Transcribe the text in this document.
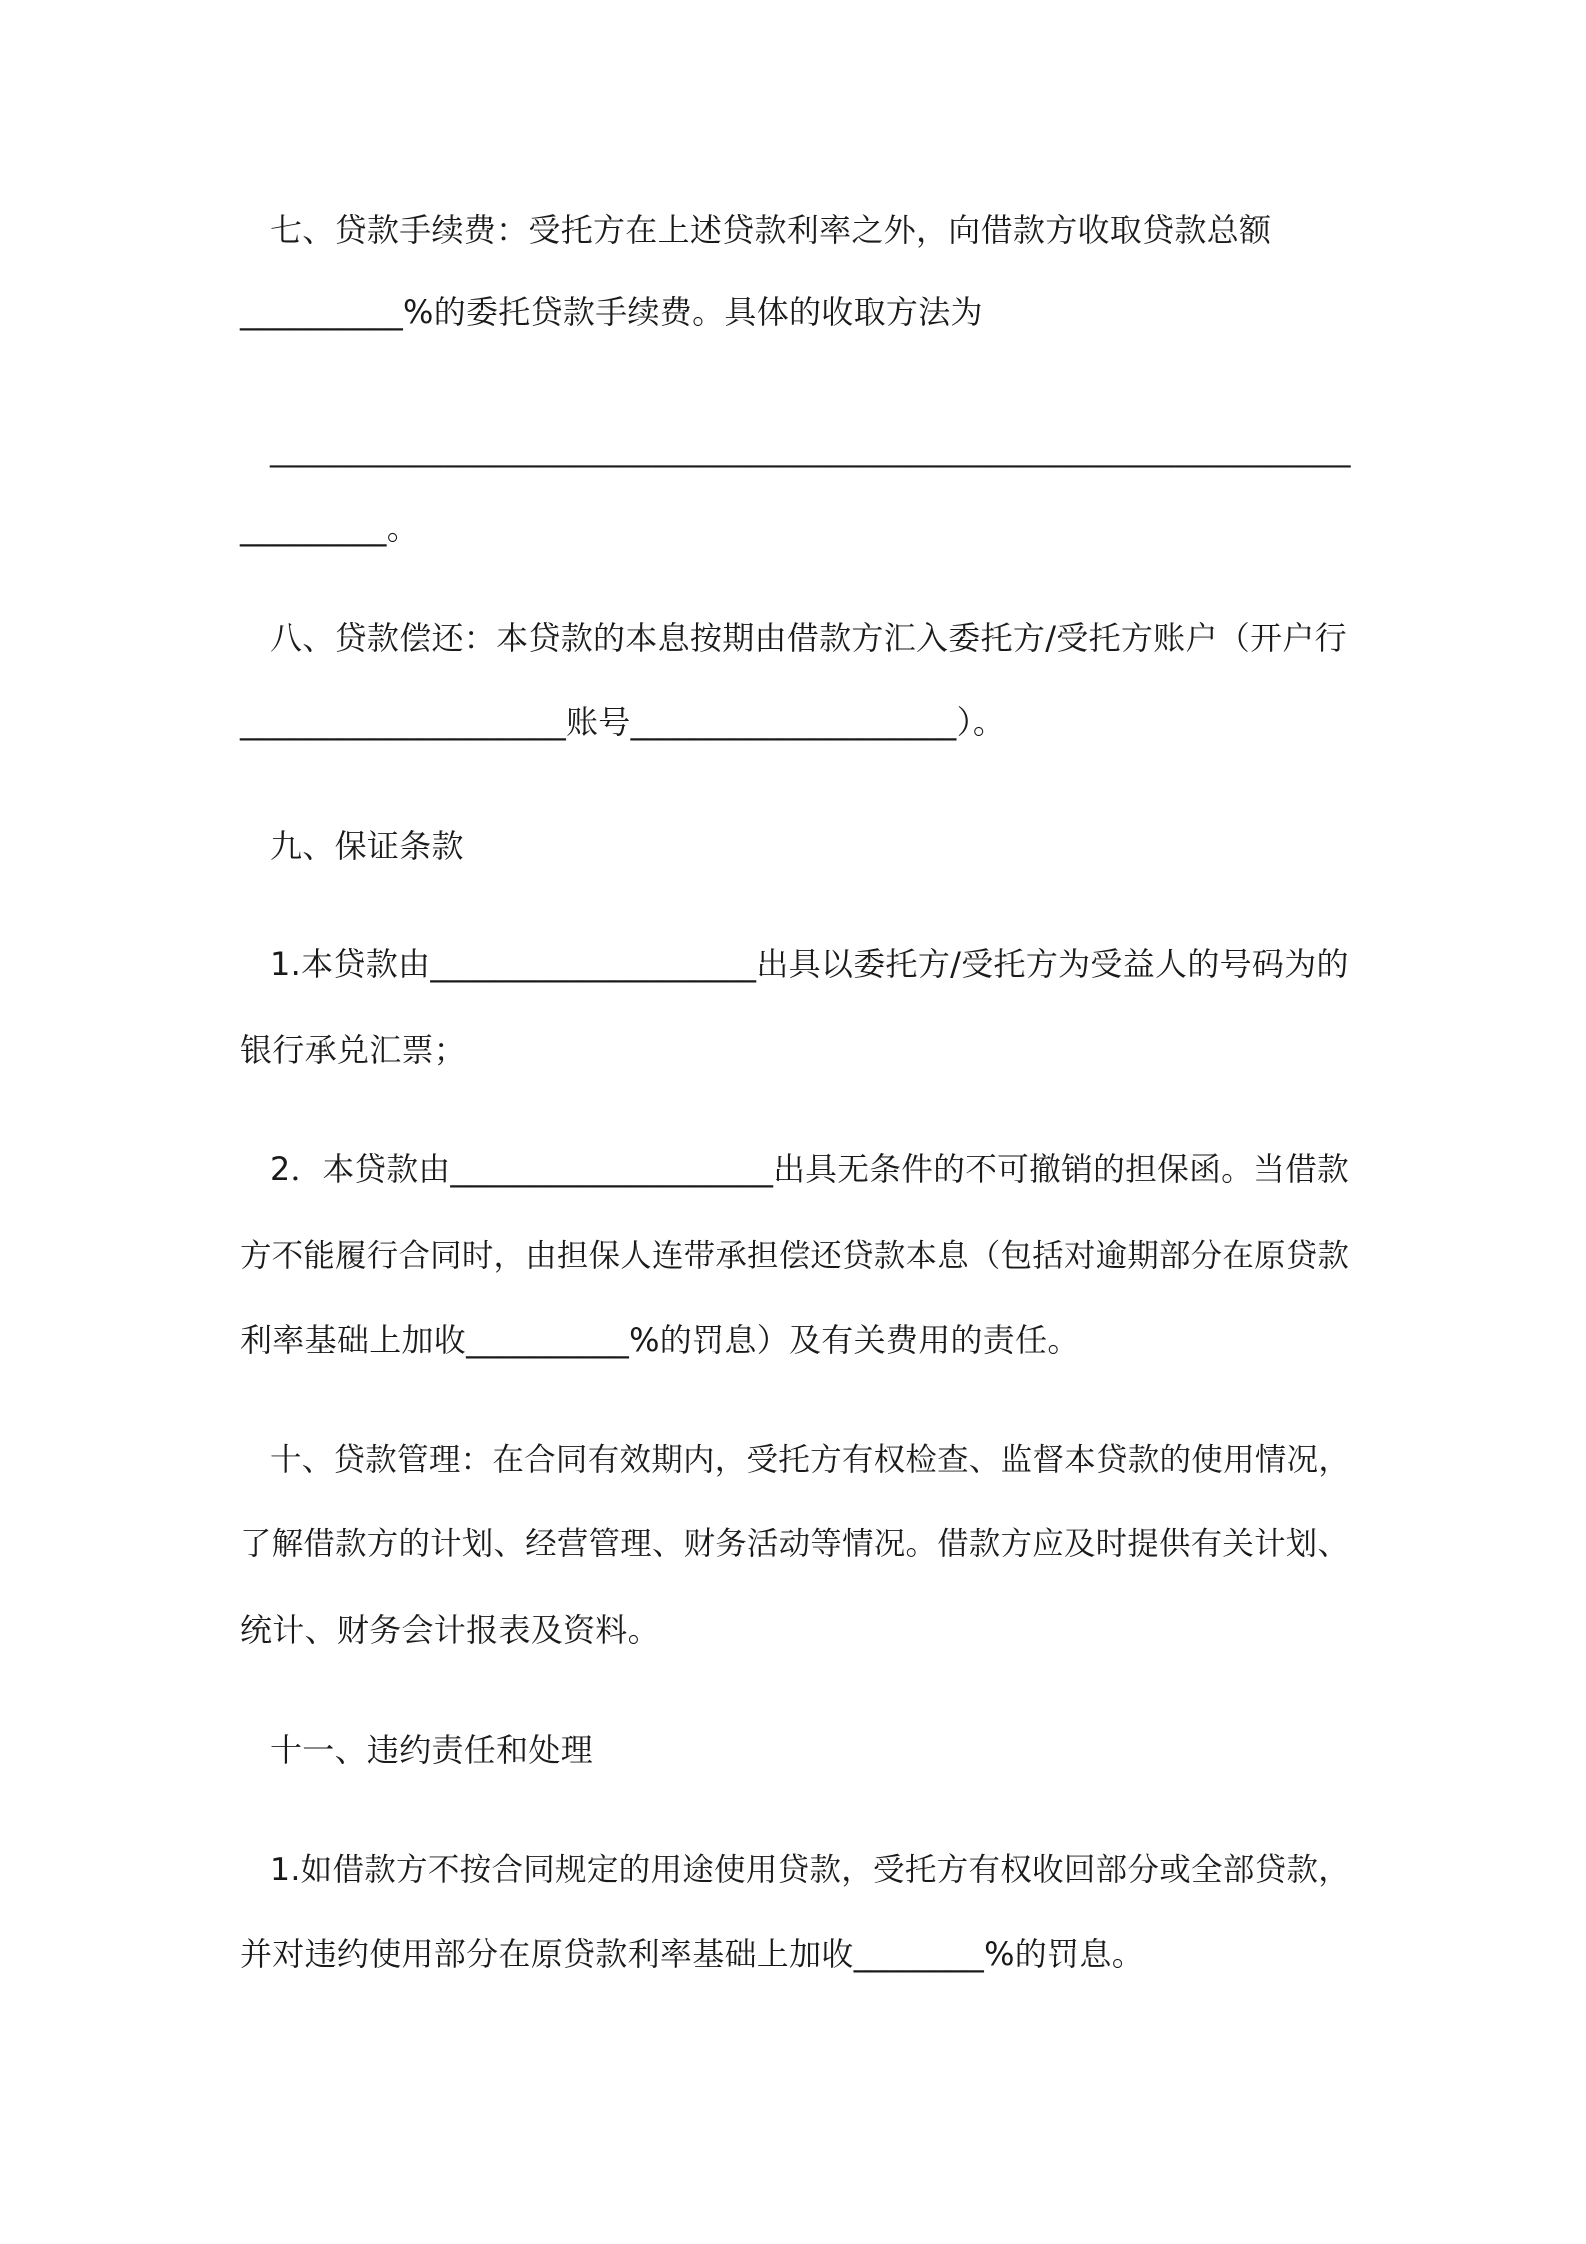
七、贷款手续费：受托方在上述贷款利率之外，向借款方收取贷款总额
__________%的委托贷款手续费。具体的收取方法为
____________________________________________________________________
_________。
八、贷款偿还：本贷款的本息按期由借款方汇入委托方/受托方账户（开户行
____________________账号____________________）。
九、保证条款
1.本贷款由____________________出具以委托方/受托方为受益人的号码为的
银行承兑汇票；
2．本贷款由____________________出具无条件的不可撤销的担保函。当借款
方不能履行合同时，由担保人连带承担偿还贷款本息（包括对逾期部分在原贷款
利率基础上加收__________%的罚息）及有关费用的责任。
十、贷款管理：在合同有效期内，受托方有权检查、监督本贷款的使用情况，
了解借款方的计划、经营管理、财务活动等情况。借款方应及时提供有关计划、
统计、财务会计报表及资料。
十一、违约责任和处理
1.如借款方不按合同规定的用途使用贷款，受托方有权收回部分或全部贷款，
并对违约使用部分在原贷款利率基础上加收________%的罚息。
